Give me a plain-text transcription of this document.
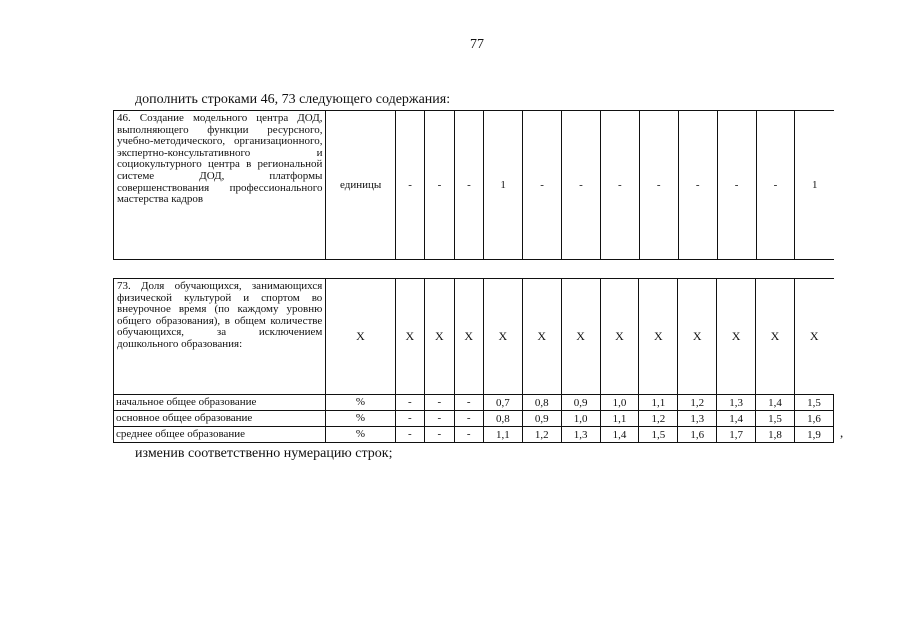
77
дополнить строками 46, 73 следующего содержания:
46. Создание модельного центра ДОД, выполняющего функции ресурсного, учебно-методического, организационного, экспертно-консультативного и социокультурного центра в региональной системе ДОД, платформы совершенствования профессионального мастерства кадров	единицы	-	-	-	1	-	-	-	-	-	-	-	1
73. Доля обучающихся, занимающихся физической культурой и спортом во внеурочное время (по каждому уровню общего образования), в общем количестве обучающихся, за исключением дошкольного образования:	Х	Х	Х	Х	Х	Х	Х	Х	Х	Х	Х	Х	Х
начальное общее образование	%	-	-	-	0,7	0,8	0,9	1,0	1,1	1,2	1,3	1,4	1,5
основное общее образование	%	-	-	-	0,8	0,9	1,0	1,1	1,2	1,3	1,4	1,5	1,6
среднее общее образование	%	-	-	-	1,1	1,2	1,3	1,4	1,5	1,6	1,7	1,8	1,9 ,
изменив соответственно нумерацию строк;
